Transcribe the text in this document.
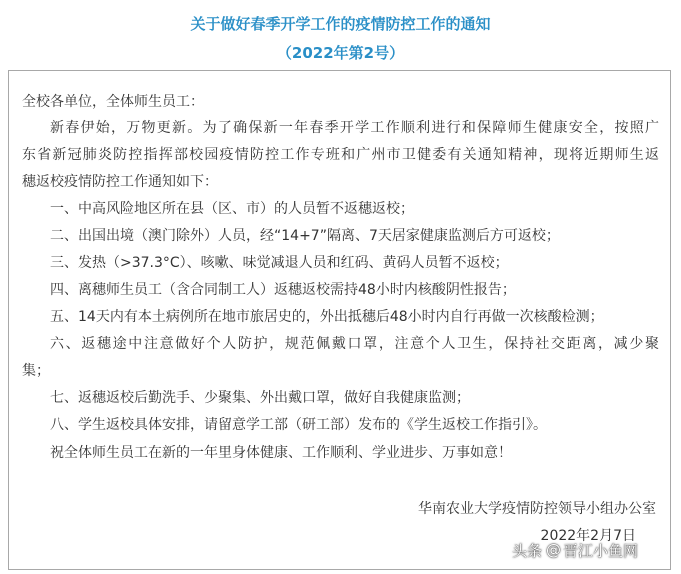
关于做好春季开学工作的疫情防控工作的通知
（2022年第2号）
全校各单位，全体师生员工：
新春伊始，万物更新。为了确保新一年春季开学工作顺利进行和保障师生健康安全，按照广
东省新冠肺炎防控指挥部校园疫情防控工作专班和广州市卫健委有关通知精神，现将近期师生返
穗返校疫情防控工作通知如下：
一、中高风险地区所在县（区、市）的人员暂不返穗返校；
二、出国出境（澳门除外）人员，经“14+7”隔离、7天居家健康监测后方可返校；
三、发热（>37.3°C）、咳嗽、味觉减退人员和红码、黄码人员暂不返校；
四、离穗师生员工（含合同制工人）返穗返校需持48小时内核酸阴性报告；
五、14天内有本土病例所在地市旅居史的，外出抵穗后48小时内自行再做一次核酸检测；
六、返穗途中注意做好个人防护，规范佩戴口罩，注意个人卫生，保持社交距离，减少聚
集；
七、返穗返校后勤洗手、少聚集、外出戴口罩，做好自我健康监测；
八、学生返校具体安排，请留意学工部（研工部）发布的《学生返校工作指引》。
祝全体师生员工在新的一年里身体健康、工作顺利、学业进步、万事如意！
华南农业大学疫情防控领导小组办公室
2022年2月7日
头条 @ 晋江小鱼网
